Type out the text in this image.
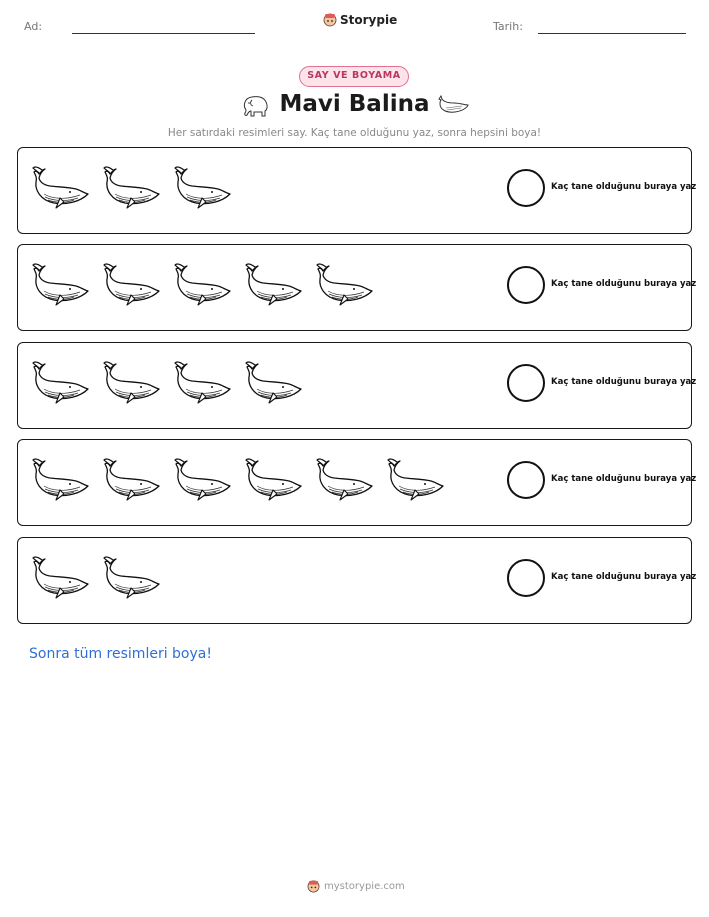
Ad:	Storypie	Tarih:
SAY VE BOYAMA
Mavi Balina
Her satırdaki resimleri say. Kaç tane olduğunu yaz, sonra hepsini boya!
Kaç tane olduğunu buraya yaz
Kaç tane olduğunu buraya yaz
Kaç tane olduğunu buraya yaz
Kaç tane olduğunu buraya yaz
Kaç tane olduğunu buraya yaz
Sonra tüm resimleri boya!
mystorypie.com
